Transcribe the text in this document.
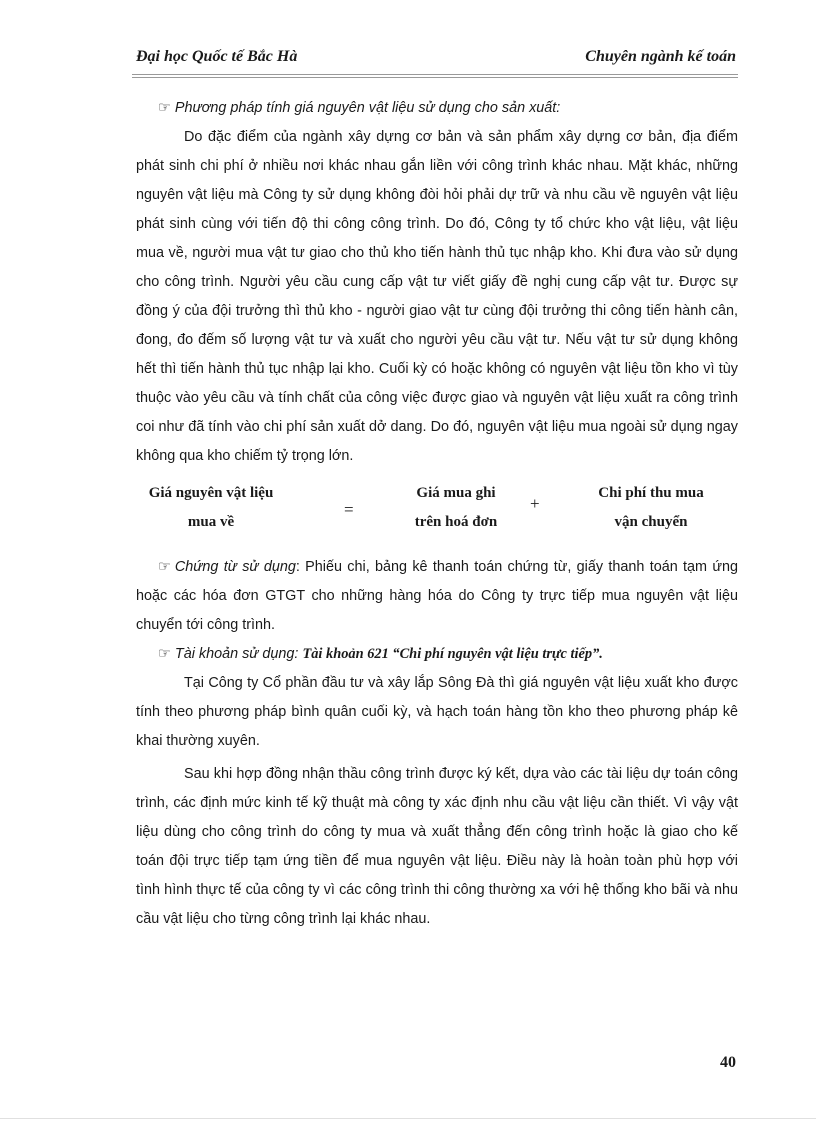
Đại học Quốc tế Bắc Hà	Chuyên ngành kế toán

☞ Phương pháp tính giá nguyên vật liệu sử dụng cho sản xuất:

Do đặc điểm của ngành xây dựng cơ bản và sản phẩm xây dựng cơ bản, địa điểm phát sinh chi phí ở nhiều nơi khác nhau gắn liền với công trình khác nhau. Mặt khác, những nguyên vật liệu mà Công ty sử dụng không đòi hỏi phải dự trữ và nhu cầu về nguyên vật liệu phát sinh cùng với tiến độ thi công công trình. Do đó, Công ty tổ chức kho vật liệu, vật liệu mua về, người mua vật tư giao cho thủ kho tiến hành thủ tục nhập kho. Khi đưa vào sử dụng cho công trình. Người yêu cầu cung cấp vật tư viết giấy đề nghị cung cấp vật tư. Được sự đồng ý của đội trưởng thì thủ kho - người giao vật tư cùng đội trưởng thi công tiến hành cân, đong, đo đếm số lượng vật tư và xuất cho người yêu cầu vật tư. Nếu vật tư sử dụng không hết thì tiến hành thủ tục nhập lại kho. Cuối kỳ có hoặc không có nguyên vật liệu tồn kho vì tùy thuộc vào yêu cầu và tính chất của công việc được giao và nguyên vật liệu xuất ra công trình coi như đã tính vào chi phí sản xuất dở dang. Do đó, nguyên vật liệu mua ngoài sử dụng ngay không qua kho chiếm tỷ trọng lớn.

Giá nguyên vật liệu
mua về
=
Giá mua ghi
trên hoá đơn
+
Chi phí thu mua
vận chuyển

☞ Chứng từ sử dụng: Phiếu chi, bảng kê thanh toán chứng từ, giấy thanh toán tạm ứng hoặc các hóa đơn GTGT cho những hàng hóa do Công ty trực tiếp mua nguyên vật liệu chuyển tới công trình.

☞ Tài khoản sử dụng: Tài khoản 621 “Chi phí nguyên vật liệu trực tiếp”.

Tại Công ty Cổ phần đầu tư và xây lắp Sông Đà thì giá nguyên vật liệu xuất kho được tính theo phương pháp bình quân cuối kỳ, và hạch toán hàng tồn kho theo phương pháp kê khai thường xuyên.

Sau khi hợp đồng nhận thầu công trình được ký kết, dựa vào các tài liệu dự toán công trình, các định mức kinh tế kỹ thuật mà công ty xác định nhu cầu vật liệu cần thiết. Vì vậy vật liệu dùng cho công trình do công ty mua và xuất thẳng đến công trình hoặc là giao cho kế toán đội trực tiếp tạm ứng tiền để mua nguyên vật liệu. Điều này là hoàn toàn phù hợp với tình hình thực tế của công ty vì các công trình thi công thường xa với hệ thống kho bãi và nhu cầu vật liệu cho từng công trình lại khác nhau.

40
